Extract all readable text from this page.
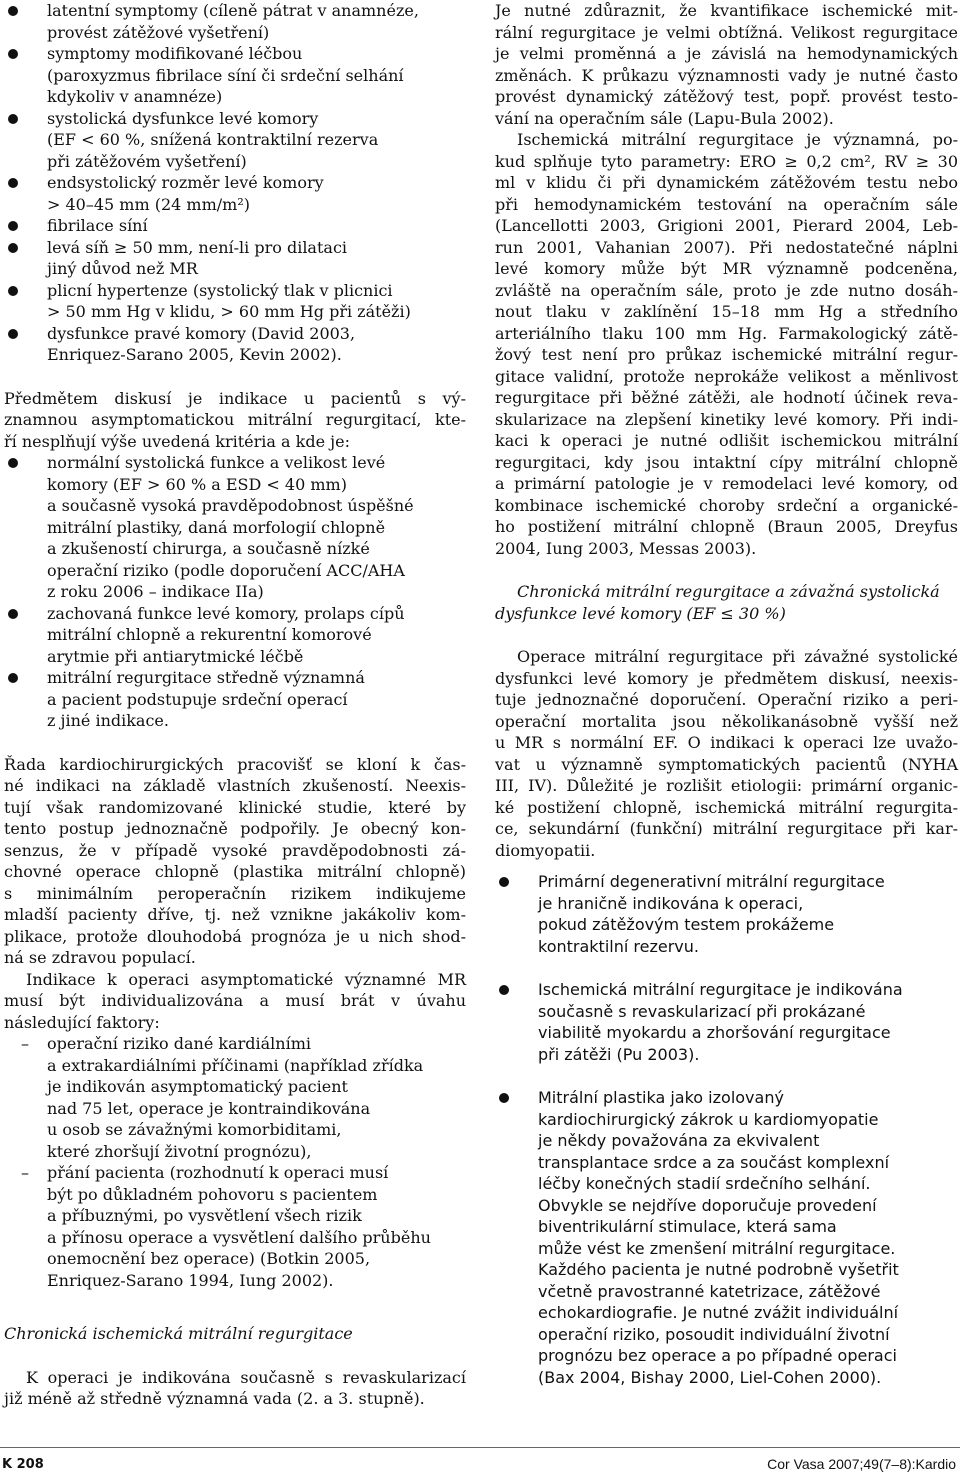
latentní symptomy (cíleně pátrat v anamnéze,
provést zátěžové vyšetření)
symptomy modifikované léčbou
(paroxyzmus fibrilace síní či srdeční selhání
kdykoliv v anamnéze)
systolická dysfunkce levé komory
(EF < 60 %, snížená kontraktilní rezerva
při zátěžovém vyšetření)
endsystolický rozměr levé komory
> 40–45 mm (24 mm/m²)
fibrilace síní
levá síň ≥ 50 mm, není-li pro dilataci
jiný důvod než MR
plicní hypertenze (systolický tlak v plicnici
> 50 mm Hg v klidu, > 60 mm Hg při zátěži)
dysfunkce pravé komory (David 2003,
Enriquez-Sarano 2005, Kevin 2002).
Předmětem diskusí je indikace u pacientů s vý-
znamnou asymptomatickou mitrální regurgitací, kte-
ří nesplňují výše uvedená kritéria a kde je:
normální systolická funkce a velikost levé
komory (EF > 60 % a ESD < 40 mm)
a současně vysoká pravděpodobnost úspěšné
mitrální plastiky, daná morfologií chlopně
a zkušeností chirurga, a současně nízké
operační riziko (podle doporučení ACC/AHA
z roku 2006 – indikace IIa)
zachovaná funkce levé komory, prolaps cípů
mitrální chlopně a rekurentní komorové
arytmie při antiarytmické léčbě
mitrální regurgitace středně významná
a pacient podstupuje srdeční operací
z jiné indikace.
Řada kardiochirurgických pracovišť se kloní k čas-
né indikaci na základě vlastních zkušeností. Neexis-
tují však randomizované klinické studie, které by
tento postup jednoznačně podpořily. Je obecný kon-
senzus, že v případě vysoké pravděpodobnosti zá-
chovné operace chlopně (plastika mitrální chlopně)
s minimálním peroperačnín rizikem indikujeme
mladší pacienty dříve, tj. než vznikne jakákoliv kom-
plikace, protože dlouhodobá prognóza je u nich shod-
ná se zdravou populací.
Indikace k operaci asymptomatické významné MR
musí být individualizována a musí brát v úvahu
následující faktory:
– operační riziko dané kardiálními
a extrakardiálními příčinami (například zřídka
je indikován asymptomatický pacient
nad 75 let, operace je kontraindikována
u osob se závažnými komorbiditami,
které zhoršují životní prognózu),
– přání pacienta (rozhodnutí k operaci musí
být po důkladném pohovoru s pacientem
a příbuznými, po vysvětlení všech rizik
a přínosu operace a vysvětlení dalšího průběhu
onemocnění bez operace) (Botkin 2005,
Enriquez-Sarano 1994, Iung 2002).
Chronická ischemická mitrální regurgitace
K operaci je indikována současně s revaskularizací
již méně až středně významná vada (2. a 3. stupně).
Je nutné zdůraznit, že kvantifikace ischemické mit-
rální regurgitace je velmi obtížná. Velikost regurgitace
je velmi proměnná a je závislá na hemodynamických
změnách. K průkazu významnosti vady je nutné často
provést dynamický zátěžový test, popř. provést testo-
vání na operačním sále (Lapu-Bula 2002).
Ischemická mitrální regurgitace je významná, po-
kud splňuje tyto parametry: ERO ≥ 0,2 cm², RV ≥ 30
ml v klidu či při dynamickém zátěžovém testu nebo
při hemodynamickém testování na operačním sále
(Lancellotti 2003, Grigioni 2001, Pierard 2004, Leb-
run 2001, Vahanian 2007). Při nedostatečné náplni
levé komory může být MR významně podceněna,
zvláště na operačním sále, proto je zde nutno dosáh-
nout tlaku v zaklínění 15–18 mm Hg a středního
arteriálního tlaku 100 mm Hg. Farmakologický zátě-
žový test není pro průkaz ischemické mitrální regur-
gitace validní, protože neprokáže velikost a měnlivost
regurgitace při běžné zátěži, ale hodnotí účinek reva-
skularizace na zlepšení kinetiky levé komory. Při indi-
kaci k operaci je nutné odlišit ischemickou mitrální
regurgitaci, kdy jsou intaktní cípy mitrální chlopně
a primární patologie je v remodelaci levé komory, od
kombinace ischemické choroby srdeční a organické-
ho postižení mitrální chlopně (Braun 2005, Dreyfus
2004, Iung 2003, Messas 2003).
Chronická mitrální regurgitace a závažná systolická
dysfunkce levé komory (EF ≤ 30 %)
Operace mitrální regurgitace při závažné systolické
dysfunkci levé komory je předmětem diskusí, neexis-
tuje jednoznačné doporučení. Operační riziko a peri-
operační mortalita jsou několikanásobně vyšší než
u MR s normální EF. O indikaci k operaci lze uvažo-
vat u významně symptomatických pacientů (NYHA
III, IV). Důležité je rozlišit etiologii: primární organic-
ké postižení chlopně, ischemická mitrální regurgita-
ce, sekundární (funkční) mitrální regurgitace při kar-
diomyopatii.
Primární degenerativní mitrální regurgitace
je hraničně indikována k operaci,
pokud zátěžovým testem prokážeme
kontraktilní rezervu.
Ischemická mitrální regurgitace je indikována
současně s revaskularizací při prokázané
viabilitě myokardu a zhoršování regurgitace
při zátěži (Pu 2003).
Mitrální plastika jako izolovaný
kardiochirurgický zákrok u kardiomyopatie
je někdy považována za ekvivalent
transplantace srdce a za součást komplexní
léčby konečných stadií srdečního selhání.
Obvykle se nejdříve doporučuje provedení
biventrikulární stimulace, která sama
může vést ke zmenšení mitrální regurgitace.
Každého pacienta je nutné podrobně vyšetřit
včetně pravostranné katetrizace, zátěžové
echokardiografie. Je nutné zvážit individuální
operační riziko, posoudit individuální životní
prognózu bez operace a po případné operaci
(Bax 2004, Bishay 2000, Liel-Cohen 2000).
K 208	Cor Vasa 2007;49(7–8):Kardio
